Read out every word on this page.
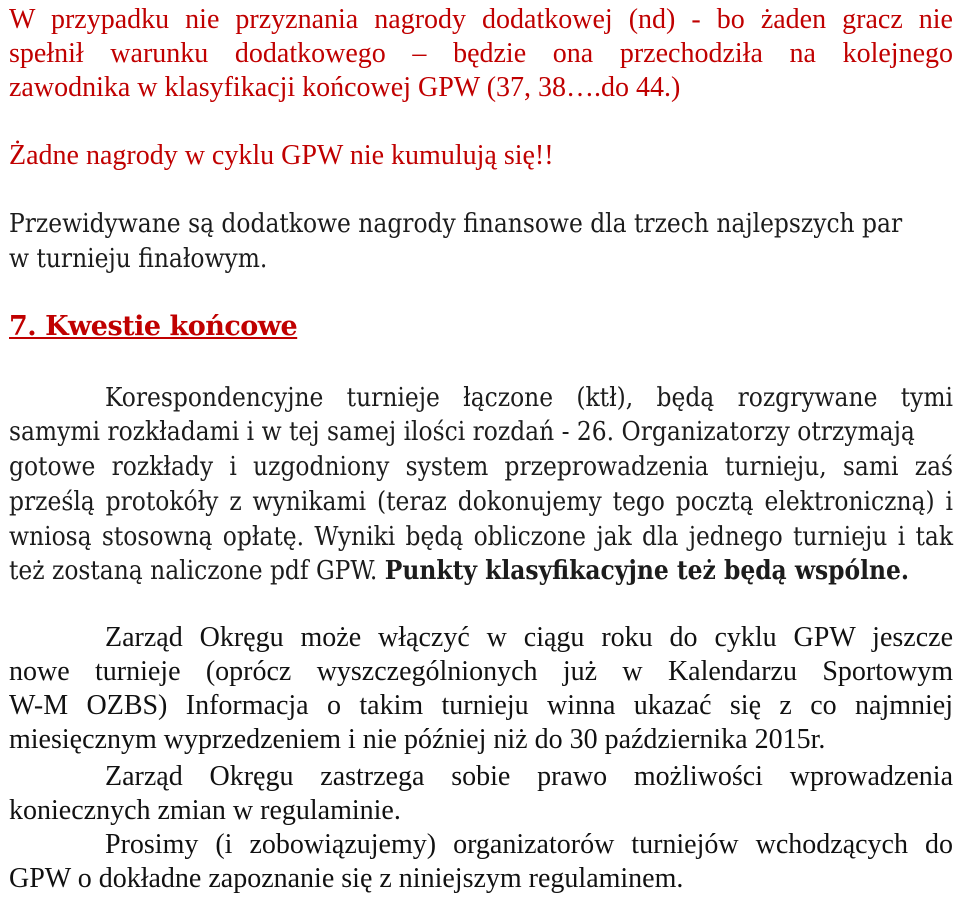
W przypadku nie przyznania nagrody dodatkowej (nd) - bo żaden gracz nie
spełnił warunku dodatkowego – będzie ona przechodziła na kolejnego
zawodnika w klasyfikacji końcowej GPW (37, 38….do 44.)
Żadne nagrody w cyklu GPW nie kumulują się!!
Przewidywane są dodatkowe nagrody finansowe dla trzech najlepszych par
w turnieju finałowym.
7. Kwestie końcowe
Korespondencyjne turnieje łączone (ktł), będą rozgrywane tymi
samymi rozkładami i w tej samej ilości rozdań - 26. Organizatorzy otrzymają
gotowe rozkłady i uzgodniony system przeprowadzenia turnieju, sami zaś
prześlą protokóły z wynikami (teraz dokonujemy tego pocztą elektroniczną) i
wniosą stosowną opłatę. Wyniki będą obliczone jak dla jednego turnieju i tak
też zostaną naliczone pdf GPW. Punkty klasyfikacyjne też będą wspólne.
Zarząd Okręgu może włączyć w ciągu roku do cyklu GPW jeszcze
nowe turnieje (oprócz wyszczególnionych już w Kalendarzu Sportowym
W-M OZBS) Informacja o takim turnieju winna ukazać się z co najmniej
miesięcznym wyprzedzeniem i nie później niż do 30 października 2015r.
Zarząd Okręgu zastrzega sobie prawo możliwości wprowadzenia
koniecznych zmian w regulaminie.
Prosimy (i zobowiązujemy) organizatorów turniejów wchodzących do
GPW o dokładne zapoznanie się z niniejszym regulaminem.
